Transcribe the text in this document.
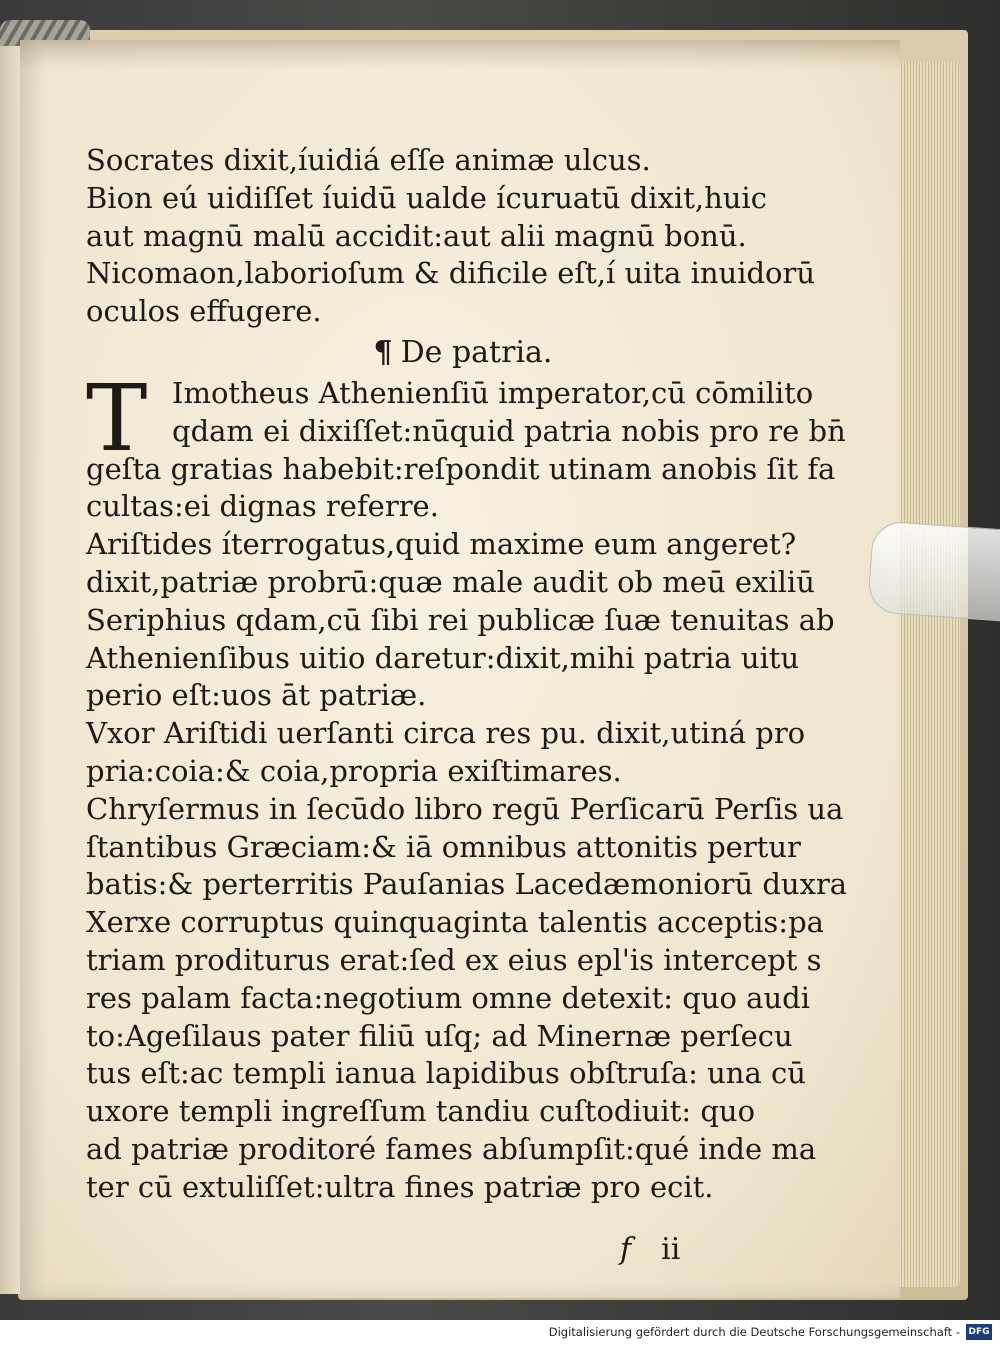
Socrates dixit,íuidiá eſſe animæ ulcus.
Bion eú uidiſſet íuidū ualde ícuruatū dixit,huic
aut magnū malū accidit:aut alii magnū bonū.
Nicomaon,laborioſum & dificile eſt,í uita inuidorū
oculos effugere.
¶ De patria.
T Imotheus Athenienſiū imperator,cū cōmilito
qdam ei dixiſſet:nūquid patria nobis pro re bn̄
geſta gratias habebit:reſpondit utinam anobis ſit fa
cultas:ei dignas referre.
Ariſtides íterrogatus,quid maxime eum angeret?
dixit,patriæ probrū:quæ male audit ob meū exiliū
Seriphius qdam,cū ſibi rei publicæ ſuæ tenuitas ab
Athenienſibus uitio daretur:dixit,mihi patria uitu
perio eſt:uos āt patriæ.
Vxor Ariſtidi uerſanti circa res pu. dixit,utiná pro
pria:coia:& coia,propria exiſtimares.
Chryſermus in ſecūdo libro regū Perſicarū Perſis ua
ſtantibus Græciam:& iā omnibus attonitis pertur
batis:& perterritis Pauſanias Lacedæmoniorū duxra
Xerxe corruptus quinquaginta talentis acceptis:pa
triam proditurus erat:ſed ex eius epl'is intercept s
res palam facta:negotium omne detexit: quo audi
to:Ageſilaus pater filiū uſq; ad Minernæ perſecu
tus eſt:ac templi ianua lapidibus obſtruſa: una cū
uxore templi ingreſſum tandiu cuſtodiuit: quo
ad patriæ proditoré fames abſumpſit:qué inde ma
ter cū extuliſſet:ultra fines patriæ pro ecit.
f ii
Digitalisierung gefördert durch die Deutsche Forschungsgemeinschaft - DFG
